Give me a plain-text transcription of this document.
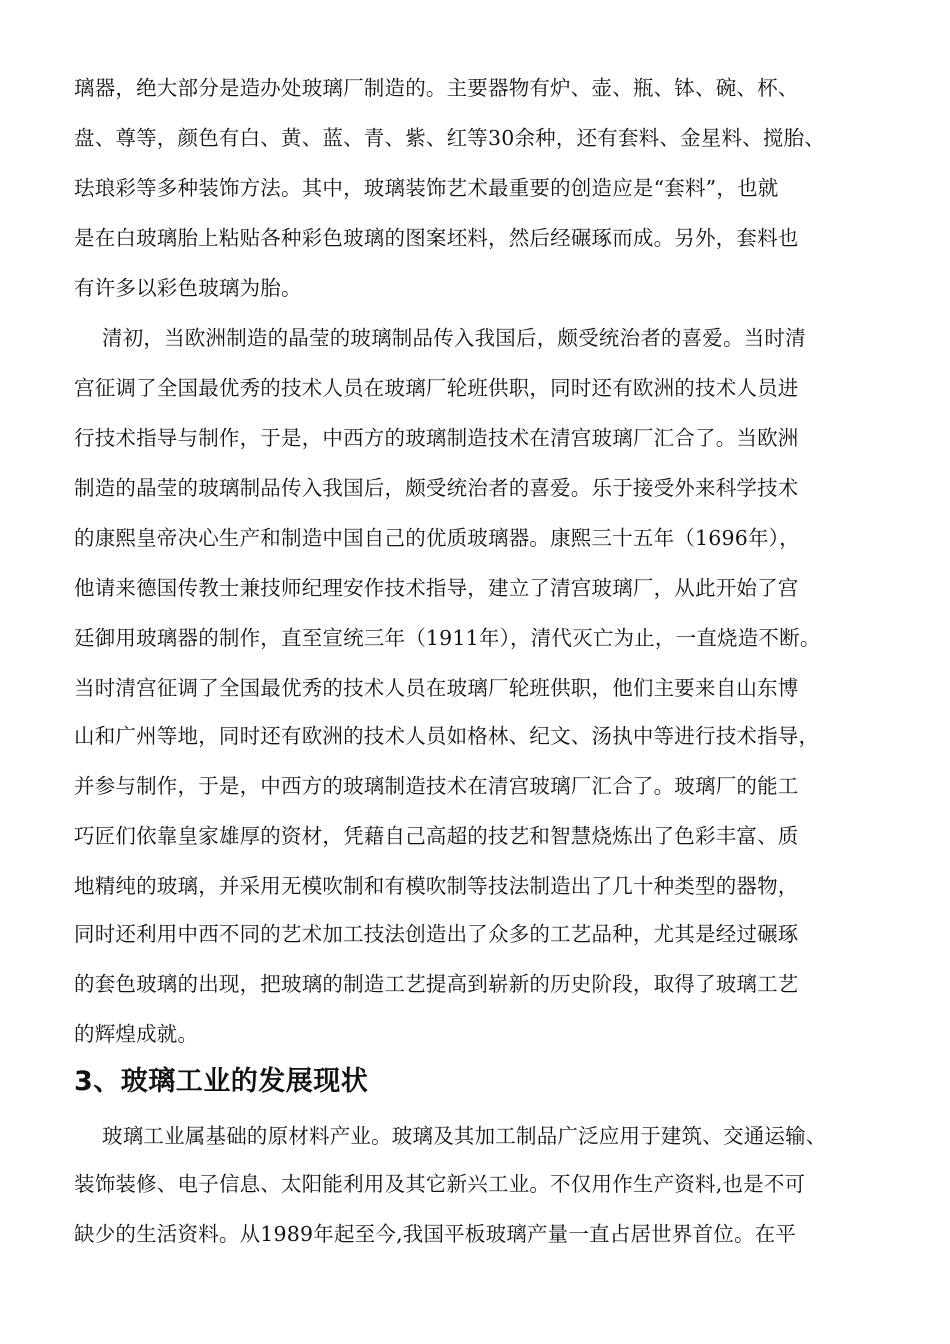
璃器，绝大部分是造办处玻璃厂制造的。主要器物有炉、壶、瓶、钵、碗、杯、
盘、尊等，颜色有白、黄、蓝、青、紫、红等30余种，还有套料、金星料、搅胎、
珐琅彩等多种装饰方法。其中，玻璃装饰艺术最重要的创造应是“套料”，也就
是在白玻璃胎上粘贴各种彩色玻璃的图案坯料，然后经碾琢而成。另外，套料也
有许多以彩色玻璃为胎。
清初，当欧洲制造的晶莹的玻璃制品传入我国后，颇受统治者的喜爱。当时清
宫征调了全国最优秀的技术人员在玻璃厂轮班供职，同时还有欧洲的技术人员进
行技术指导与制作，于是，中西方的玻璃制造技术在清宫玻璃厂汇合了。当欧洲
制造的晶莹的玻璃制品传入我国后，颇受统治者的喜爱。乐于接受外来科学技术
的康熙皇帝决心生产和制造中国自己的优质玻璃器。康熙三十五年（1696年），
他请来德国传教士兼技师纪理安作技术指导，建立了清宫玻璃厂，从此开始了宫
廷御用玻璃器的制作，直至宣统三年（1911年），清代灭亡为止，一直烧造不断。
当时清宫征调了全国最优秀的技术人员在玻璃厂轮班供职，他们主要来自山东博
山和广州等地，同时还有欧洲的技术人员如格林、纪文、汤执中等进行技术指导，
并参与制作，于是，中西方的玻璃制造技术在清宫玻璃厂汇合了。玻璃厂的能工
巧匠们依靠皇家雄厚的资材，凭藉自己高超的技艺和智慧烧炼出了色彩丰富、质
地精纯的玻璃，并采用无模吹制和有模吹制等技法制造出了几十种类型的器物，
同时还利用中西不同的艺术加工技法创造出了众多的工艺品种，尤其是经过碾琢
的套色玻璃的出现，把玻璃的制造工艺提高到崭新的历史阶段，取得了玻璃工艺
的辉煌成就。
3、玻璃工业的发展现状
玻璃工业属基础的原材料产业。玻璃及其加工制品广泛应用于建筑、交通运输、
装饰装修、电子信息、太阳能利用及其它新兴工业。不仅用作生产资料,也是不可
缺少的生活资料。从1989年起至今,我国平板玻璃产量一直占居世界首位。在平
